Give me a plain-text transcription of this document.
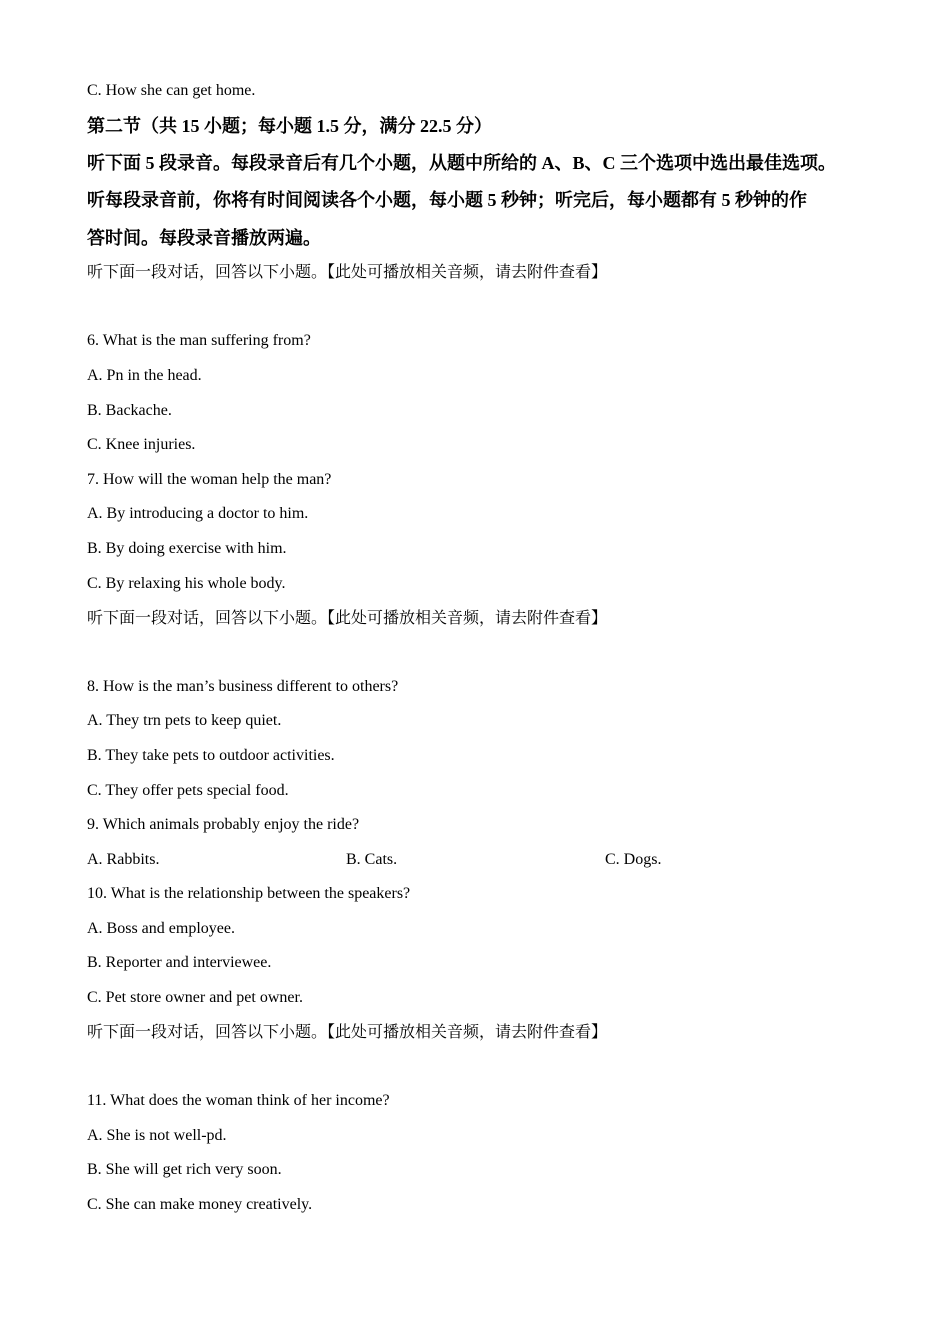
C. How she can get home.
第二节（共 15 小题；每小题 1.5 分，满分 22.5 分）
听下面 5 段录音。每段录音后有几个小题，从题中所给的 A、B、C 三个选项中选出最佳选项。
听每段录音前，你将有时间阅读各个小题，每小题 5 秒钟；听完后，每小题都有 5 秒钟的作
答时间。每段录音播放两遍。
听下面一段对话，回答以下小题。【此处可播放相关音频，请去附件查看】
6. What is the man suffering from?
A. Pn in the head.
B. Backache.
C. Knee injuries.
7. How will the woman help the man?
A. By introducing a doctor to him.
B. By doing exercise with him.
C. By relaxing his whole body.
听下面一段对话，回答以下小题。【此处可播放相关音频，请去附件查看】
8. How is the man’s business different to others?
A. They trn pets to keep quiet.
B. They take pets to outdoor activities.
C. They offer pets special food.
9. Which animals probably enjoy the ride?
A. Rabbits.	B. Cats.	C. Dogs.
10. What is the relationship between the speakers?
A. Boss and employee.
B. Reporter and interviewee.
C. Pet store owner and pet owner.
听下面一段对话，回答以下小题。【此处可播放相关音频，请去附件查看】
11. What does the woman think of her income?
A. She is not well-pd.
B. She will get rich very soon.
C. She can make money creatively.
